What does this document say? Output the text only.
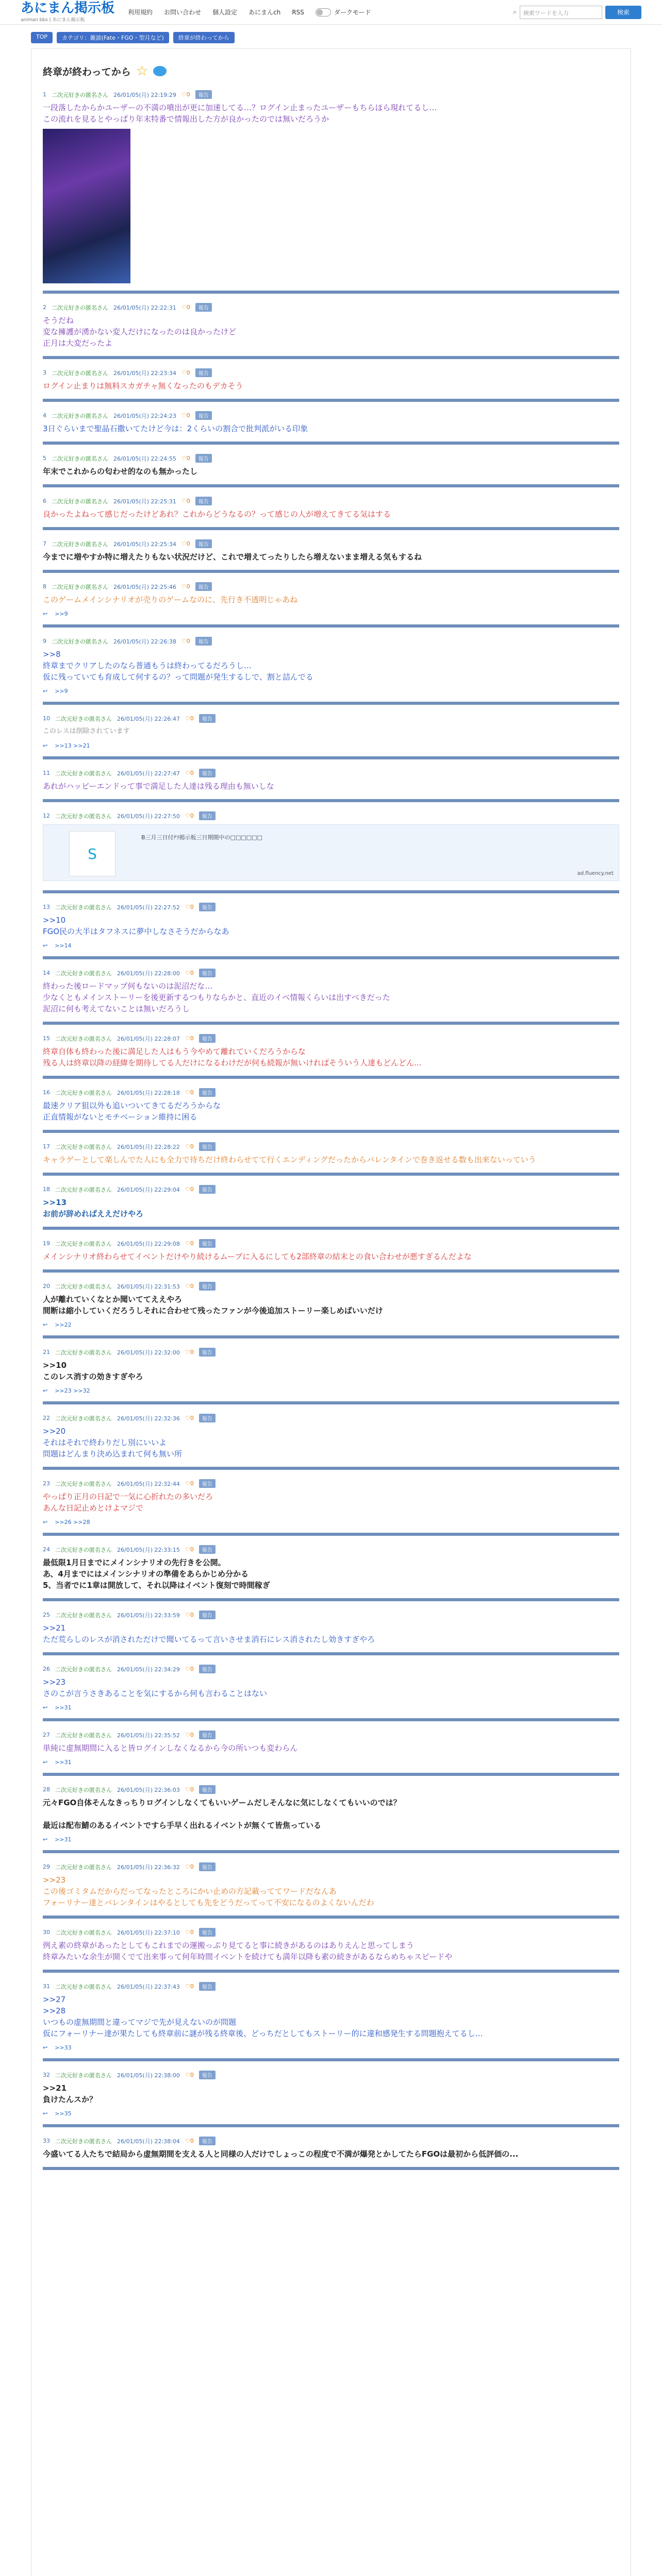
あにまん掲示板
animan bbs | あにまん掲示板
利用規約 お問い合わせ 個人設定 あにまんch RSS	ダークモード	⌕	検索ワードを入力	検索
TOP	カテゴリ：雑談(Fate・FGO・型月など)	終章が終わってから
終章が終わってから ☆
1 二次元好きの匿名さん 26/01/05(月) 22:19:29 ♡0	報告
一段落したからかユーザーの不満の噴出が更に加速してる…？ログイン止まったユーザーもちらほら現れてるし…
この流れを見るとやっぱり年末特番で情報出した方が良かったのでは無いだろうか
2 二次元好きの匿名さん 26/01/05(月) 22:22:31 ♡0	報告
そうだね
変な擁護が湧かない変人だけになったのは良かったけど
正月は大変だったよ
3 二次元好きの匿名さん 26/01/05(月) 22:23:34 ♡0	報告
ログイン止まりは無料スカガチャ無くなったのもデカそう
4 二次元好きの匿名さん 26/01/05(月) 22:24:23 ♡0	報告
3日ぐらいまで聖晶石撒いてたけど今は：2くらいの割合で批判派がいる印象
5 二次元好きの匿名さん 26/01/05(月) 22:24:55 ♡0	報告
年末でこれからの匂わせ的なのも無かったし
6 二次元好きの匿名さん 26/01/05(月) 22:25:31 ♡0	報告
良かったよねって感じだったけどあれ？これからどうなるの？って感じの人が増えてきてる気はする
7 二次元好きの匿名さん 26/01/05(月) 22:25:34 ♡0	報告
今までに増やすか特に増えたりもない状況だけど、これで増えてったりしたら増えないまま増える気もするね
8 二次元好きの匿名さん 26/01/05(月) 22:25:46 ♡0	報告
このゲームメインシナリオが売りのゲームなのに、先行き不透明じゃあね
↩ >>9
9 二次元好きの匿名さん 26/01/05(月) 22:26:38 ♡0	報告
>>8
終章までクリアしたのなら普通もうは終わってるだろうし…
仮に残っていても育成して何するの？って問題が発生するしで、割と詰んでる
↩ >>9
10 二次元好きの匿名さん 26/01/05(月) 22:26:47 ♡0	報告
このレスは削除されています
↩ >>13 >>21
11 二次元好きの匿名さん 26/01/05(月) 22:27:47 ♡0	報告
あれがハッピーエンドって事で満足した人達は残る理由も無いしな
12 二次元好きの匿名さん 26/01/05(月) 22:27:50 ♡0	報告
S
B三月三日付ﾅﾗ掲示板三日期間中の□□□□□□
ad.fluency.net
13 二次元好きの匿名さん 26/01/05(月) 22:27:52 ♡0	報告
>>10
FGO民の大半はタフネスに夢中しなさそうだからなあ
↩ >>14
14 二次元好きの匿名さん 26/01/05(月) 22:28:00 ♡0	報告
終わった後ロードマップ何もないのは泥沼だな…
少なくともメインストーリーを後更新するつもりならかと、直近のイベ情報くらいは出すべきだった
泥沼に何も考えてないことは無いだろうし
15 二次元好きの匿名さん 26/01/05(月) 22:28:07 ♡0	報告
終章自体も終わった後に満足した人はもう今やめて離れていくだろうからな
残る人は終章以降の経緯を期待してる人だけになるわけだが何も続報が無いければそういう人達もどんどん...
16 二次元好きの匿名さん 26/01/05(月) 22:28:18 ♡0	報告
最速クリア狙以外も追いついてきてるだろうからな
正直情報がないとモチベーション維持に困る
17 二次元好きの匿名さん 26/01/05(月) 22:28:22 ♡0	報告
キャラゲーとして楽しんでた人にも全力で待ちだけ終わらせてて行くエンディングだったからバレンタインで巻き返せる数も出来ないっていう
18 二次元好きの匿名さん 26/01/05(月) 22:29:04 ♡0	報告
>>13
お前が辞めればええだけやろ
19 二次元好きの匿名さん 26/01/05(月) 22:29:08 ♡0	報告
メインシナリオ終わらせてイベントだけやり続けるムーブに入るにしても2部終章の結末との食い合わせが悪すぎるんだよな
20 二次元好きの匿名さん 26/01/05(月) 22:31:53 ♡0	報告
人が離れていくなとか聞いててええやろ
間断は縮小していくだろうしそれに合わせて残ったファンが今後追加ストーリー楽しめばいいだけ
↩ >>22
21 二次元好きの匿名さん 26/01/05(月) 22:32:00 ♡0	報告
>>10
このレス消すの効きすぎやろ
↩ >>23 >>32
22 二次元好きの匿名さん 26/01/05(月) 22:32:36 ♡0	報告
>>20
それはそれで終わりだし別にいいよ
問題はどんまり決め込まれて何も無い所
23 二次元好きの匿名さん 26/01/05(月) 22:32:44 ♡0	報告
やっぱり正月の日記で一気に心折れたの多いだろ
あんな日記止めとけよマジで
↩ >>26 >>28
24 二次元好きの匿名さん 26/01/05(月) 22:33:15 ♡0	報告
最低限1月日までにメインシナリオの先行きを公開。
あ、4月までにはメインシナリオの準備をあらかじめ分かる
5、当者でに1章は開放して、それ以降はイベント復刻で時間稼ぎ
25 二次元好きの匿名さん 26/01/05(月) 22:33:59 ♡0	報告
>>21
ただ荒らしのレスが消されただけで聞いてるって言いさせま消石にレス消されたし効きすぎやろ
26 二次元好きの匿名さん 26/01/05(月) 22:34:29 ♡0	報告
>>23
さのこが言うさきあることを気にするから何も言わることはない
↩ >>31
27 二次元好きの匿名さん 26/01/05(月) 22:35:52 ♡0	報告
単純に虚無期間に入ると皆ログインしなくなるから今の所いつも変わらん
↩ >>31
28 二次元好きの匿名さん 26/01/05(月) 22:36:03 ♡0	報告
元々FGO自体そんなきっちりログインしなくてもいいゲームだしそんなに気にしなくてもいいのでは？

最近は配布鯖のあるイベントですら手早く出れるイベントが無くて皆焦っている
↩ >>31
29 二次元好きの匿名さん 26/01/05(月) 22:36:32 ♡0	報告
>>23
この後ゴミタムだからだってなったところにかい止めの方記載っててワードだなんあ
フォーリナー達とバレンタインはやるとしても先をどうだってって不安になるのよくないんだわ
30 二次元好きの匿名さん 26/01/05(月) 22:37:10 ♡0	報告
例え素の終章があったとしてもこれまでの運搬っぷり見てると事に続きがあるのはありえんと思ってしまう
終章みたいな余生が開くでて出来事って何年時間イベントを続けても満年以降も素の続きがあるならめちゃスピードや
31 二次元好きの匿名さん 26/01/05(月) 22:37:43 ♡0	報告
>>27
>>28
いつもの虚無期間と違ってマジで先が見えないのが問題
仮にフォーリナー達が果たしても終章前に謎が残る終章後、どっちだとしてもストーリー的に違和感発生する問題抱えてるし…
↩ >>33
32 二次元好きの匿名さん 26/01/05(月) 22:38:00 ♡0	報告
>>21
負けたんスか？
↩ >>35
33 二次元好きの匿名さん 26/01/05(月) 22:38:04 ♡0	報告
今盛いてる人たちで結局から虚無期間を支える人と同様の人だけでしょっこの程度で不満が爆発とかしてたらFGOは最初から低評価の...
